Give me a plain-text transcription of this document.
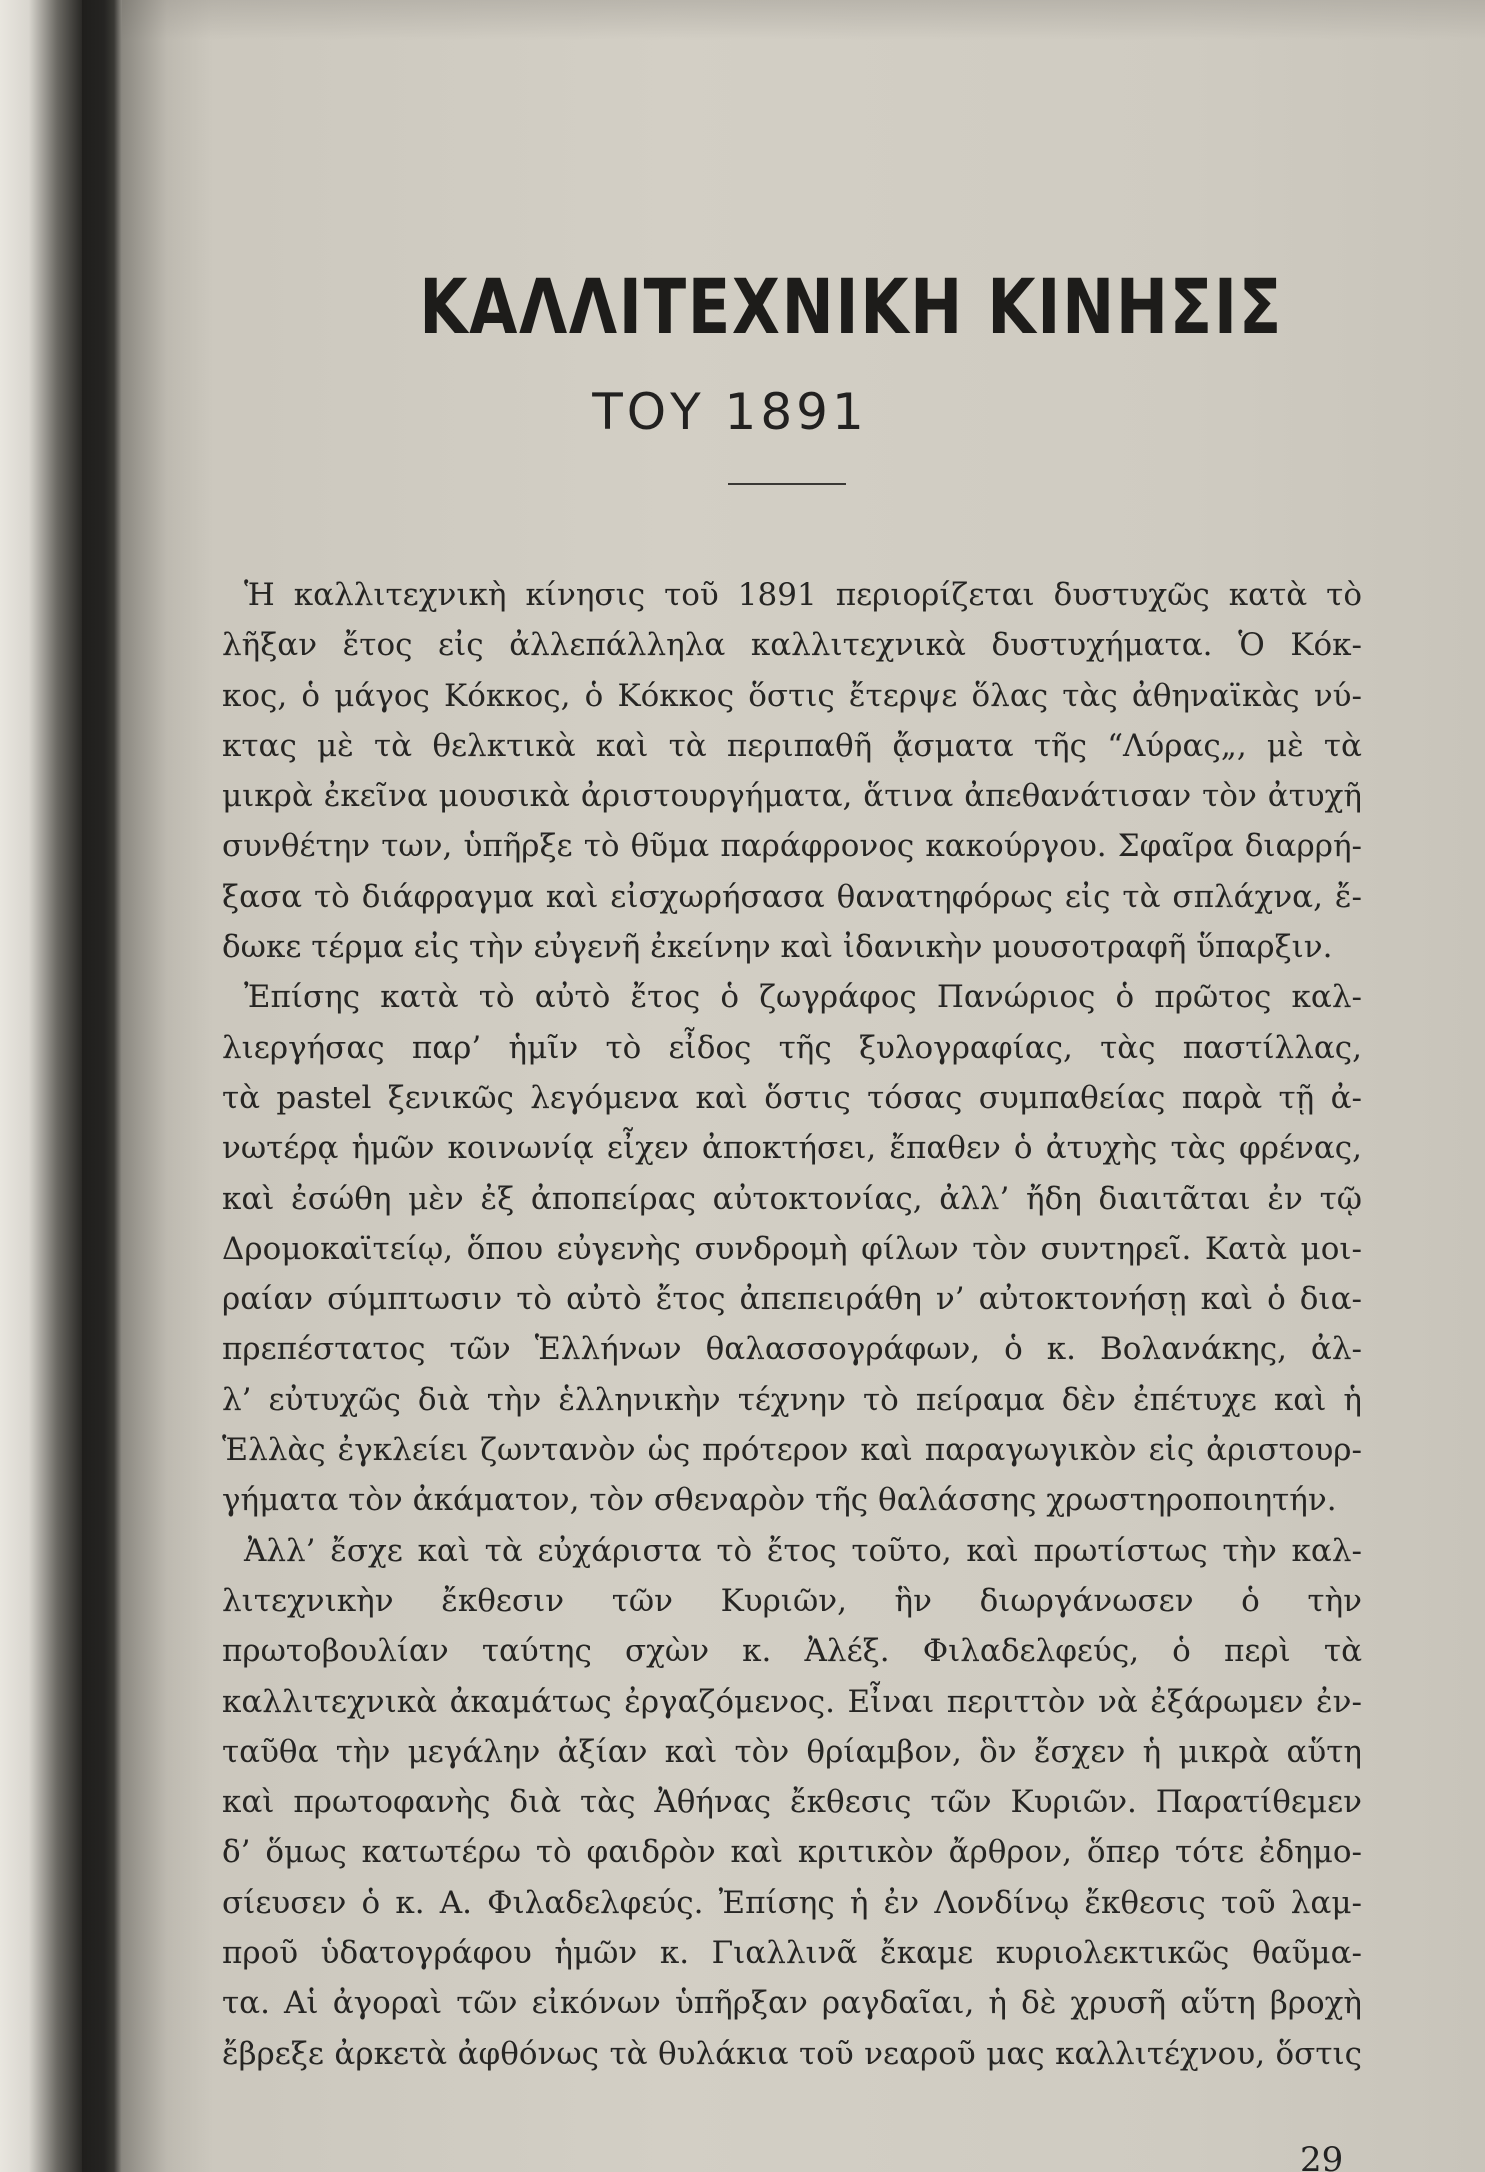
ΚΑΛΛΙΤΕΧΝΙΚΗ ΚΙΝΗΣΙΣ
ΤΟΥ 1891
Ἡ καλλιτεχνικὴ κίνησις τοῦ 1891 περιορίζεται δυστυχῶς κατὰ τὸ
λῆξαν ἔτος εἰς ἀλλεπάλληλα καλλιτεχνικὰ δυστυχήματα. Ὁ Κόκ-
κος, ὁ μάγος Κόκκος, ὁ Κόκκος ὅστις ἔτερψε ὅλας τὰς ἀθηναϊκὰς νύ-
κτας μὲ τὰ θελκτικὰ καὶ τὰ περιπαθῆ ᾄσματα τῆς “Λύρας„, μὲ τὰ
μικρὰ ἐκεῖνα μουσικὰ ἀριστουργήματα, ἅτινα ἀπεθανάτισαν τὸν ἀτυχῆ
συνθέτην των, ὑπῆρξε τὸ θῦμα παράφρονος κακούργου. Σφαῖρα διαρρή-
ξασα τὸ διάφραγμα καὶ εἰσχωρήσασα θανατηφόρως εἰς τὰ σπλάχνα, ἔ-
δωκε τέρμα εἰς τὴν εὐγενῆ ἐκείνην καὶ ἰδανικὴν μουσοτραφῆ ὕπαρξιν.
Ἐπίσης κατὰ τὸ αὐτὸ ἔτος ὁ ζωγράφος Πανώριος ὁ πρῶτος καλ-
λιεργήσας παρ’ ἡμῖν τὸ εἶδος τῆς ξυλογραφίας, τὰς παστίλλας,
τὰ pastel ξενικῶς λεγόμενα καὶ ὅστις τόσας συμπαθείας παρὰ τῇ ἀ-
νωτέρᾳ ἡμῶν κοινωνίᾳ εἶχεν ἀποκτήσει, ἔπαθεν ὁ ἀτυχὴς τὰς φρένας,
καὶ ἐσώθη μὲν ἐξ ἀποπείρας αὐτοκτονίας, ἀλλ’ ἤδη διαιτᾶται ἐν τῷ
Δρομοκαϊτείῳ, ὅπου εὐγενὴς συνδρομὴ φίλων τὸν συντηρεῖ. Κατὰ μοι-
ραίαν σύμπτωσιν τὸ αὐτὸ ἔτος ἀπεπειράθη ν’ αὐτοκτονήσῃ καὶ ὁ δια-
πρεπέστατος τῶν Ἑλλήνων θαλασσογράφων, ὁ κ. Βολανάκης, ἀλ-
λ’ εὐτυχῶς διὰ τὴν ἑλληνικὴν τέχνην τὸ πείραμα δὲν ἐπέτυχε καὶ ἡ
Ἑλλὰς ἐγκλείει ζωντανὸν ὡς πρότερον καὶ παραγωγικὸν εἰς ἀριστουρ-
γήματα τὸν ἀκάματον, τὸν σθεναρὸν τῆς θαλάσσης χρωστηροποιητήν.
Ἀλλ’ ἔσχε καὶ τὰ εὐχάριστα τὸ ἔτος τοῦτο, καὶ πρωτίστως τὴν καλ-
λιτεχνικὴν ἔκθεσιν τῶν Κυριῶν, ἣν διωργάνωσεν ὁ τὴν
πρωτοβουλίαν ταύτης σχὼν κ. Ἀλέξ. Φιλαδελφεύς, ὁ περὶ τὰ
καλλιτεχνικὰ ἀκαμάτως ἐργαζόμενος. Εἶναι περιττὸν νὰ ἐξάρωμεν ἐν-
ταῦθα τὴν μεγάλην ἀξίαν καὶ τὸν θρίαμβον, ὃν ἔσχεν ἡ μικρὰ αὕτη
καὶ πρωτοφανὴς διὰ τὰς Ἀθήνας ἔκθεσις τῶν Κυριῶν. Παρατίθεμεν
δ’ ὅμως κατωτέρω τὸ φαιδρὸν καὶ κριτικὸν ἄρθρον, ὅπερ τότε ἐδημο-
σίευσεν ὁ κ. Α. Φιλαδελφεύς. Ἐπίσης ἡ ἐν Λονδίνῳ ἔκθεσις τοῦ λαμ-
προῦ ὑδατογράφου ἡμῶν κ. Γιαλλινᾶ ἔκαμε κυριολεκτικῶς θαῦμα-
τα. Αἱ ἀγοραὶ τῶν εἰκόνων ὑπῆρξαν ραγδαῖαι, ἡ δὲ χρυσῆ αὕτη βροχὴ
ἔβρεξε ἀρκετὰ ἀφθόνως τὰ θυλάκια τοῦ νεαροῦ μας καλλιτέχνου, ὅστις
29
